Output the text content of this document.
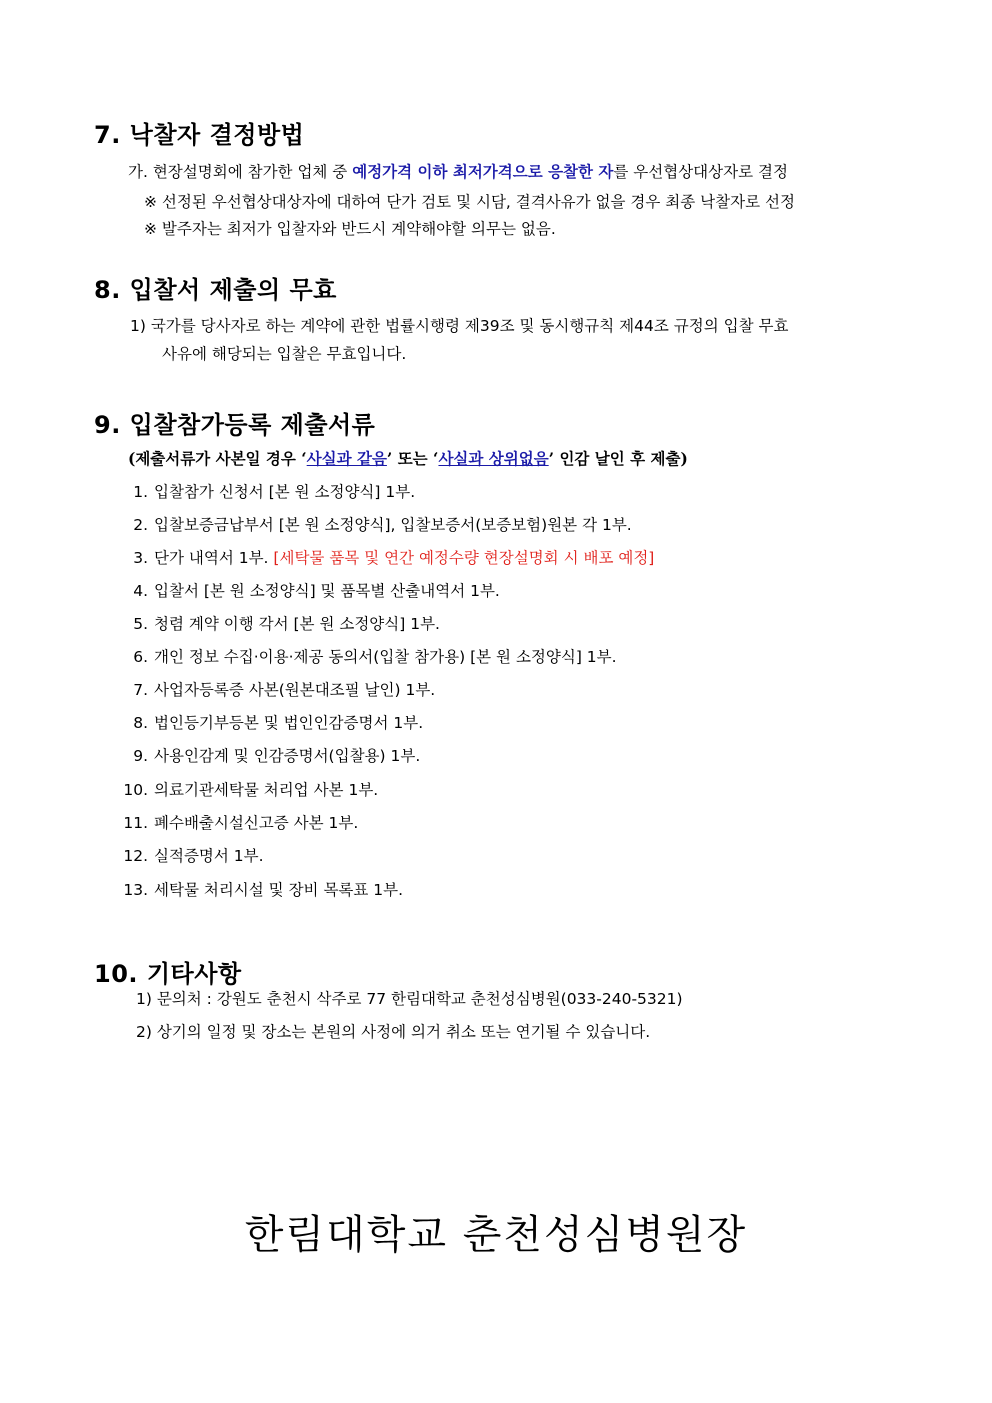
7. 낙찰자 결정방법
가. 현장설명회에 참가한 업체 중 예정가격 이하 최저가격으로 응찰한 자를 우선협상대상자로 결정
※ 선정된 우선협상대상자에 대하여 단가 검토 및 시담, 결격사유가 없을 경우 최종 낙찰자로 선정
※ 발주자는 최저가 입찰자와 반드시 계약해야할 의무는 없음.
8. 입찰서 제출의 무효
1) 국가를 당사자로 하는 계약에 관한 법률시행령 제39조 및 동시행규칙 제44조 규정의 입찰 무효
사유에 해당되는 입찰은 무효입니다.
9. 입찰참가등록 제출서류
(제출서류가 사본일 경우 ‘사실과 같음’ 또는 ‘사실과 상위없음’ 인감 날인 후 제출)
1. 입찰참가 신청서 [본 원 소정양식] 1부.
2. 입찰보증금납부서 [본 원 소정양식], 입찰보증서(보증보험)원본 각 1부.
3. 단가 내역서 1부. [세탁물 품목 및 연간 예정수량 현장설명회 시 배포 예정]
4. 입찰서 [본 원 소정양식] 및 품목별 산출내역서 1부.
5. 청렴 계약 이행 각서 [본 원 소정양식] 1부.
6. 개인 정보 수집·이용·제공 동의서(입찰 참가용) [본 원 소정양식] 1부.
7. 사업자등록증 사본(원본대조필 날인) 1부.
8. 법인등기부등본 및 법인인감증명서 1부.
9. 사용인감계 및 인감증명서(입찰용) 1부.
10. 의료기관세탁물 처리업 사본 1부.
11. 폐수배출시설신고증 사본 1부.
12. 실적증명서 1부.
13. 세탁물 처리시설 및 장비 목록표 1부.
10. 기타사항
1) 문의처 : 강원도 춘천시 삭주로 77 한림대학교 춘천성심병원(033-240-5321)
2) 상기의 일정 및 장소는 본원의 사정에 의거 취소 또는 연기될 수 있습니다.
한림대학교 춘천성심병원장
